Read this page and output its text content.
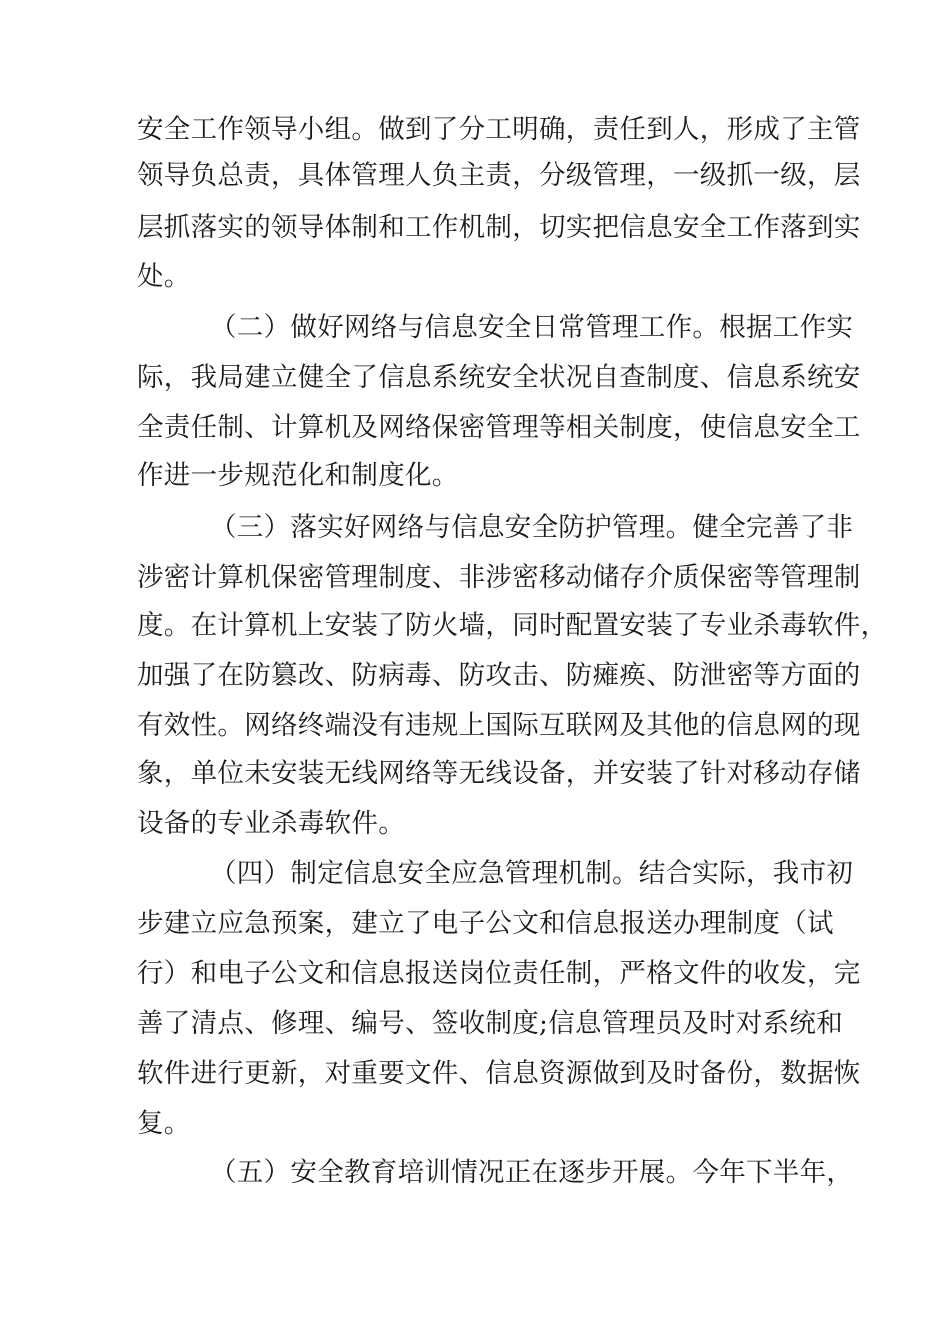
安全工作领导小组。做到了分工明确，责任到人，形成了主管
领导负总责，具体管理人负主责，分级管理，一级抓一级，层
层抓落实的领导体制和工作机制，切实把信息安全工作落到实
处。
（二）做好网络与信息安全日常管理工作。根据工作实
际，我局建立健全了信息系统安全状况自查制度、信息系统安
全责任制、计算机及网络保密管理等相关制度，使信息安全工
作进一步规范化和制度化。
（三）落实好网络与信息安全防护管理。健全完善了非
涉密计算机保密管理制度、非涉密移动储存介质保密等管理制
度。在计算机上安装了防火墙，同时配置安装了专业杀毒软件，
加强了在防篡改、防病毒、防攻击、防瘫痪、防泄密等方面的
有效性。网络终端没有违规上国际互联网及其他的信息网的现
象，单位未安装无线网络等无线设备，并安装了针对移动存储
设备的专业杀毒软件。
（四）制定信息安全应急管理机制。结合实际，我市初
步建立应急预案，建立了电子公文和信息报送办理制度（试
行）和电子公文和信息报送岗位责任制，严格文件的收发，完
善了清点、修理、编号、签收制度;信息管理员及时对系统和
软件进行更新，对重要文件、信息资源做到及时备份，数据恢
复。
（五）安全教育培训情况正在逐步开展。今年下半年，
